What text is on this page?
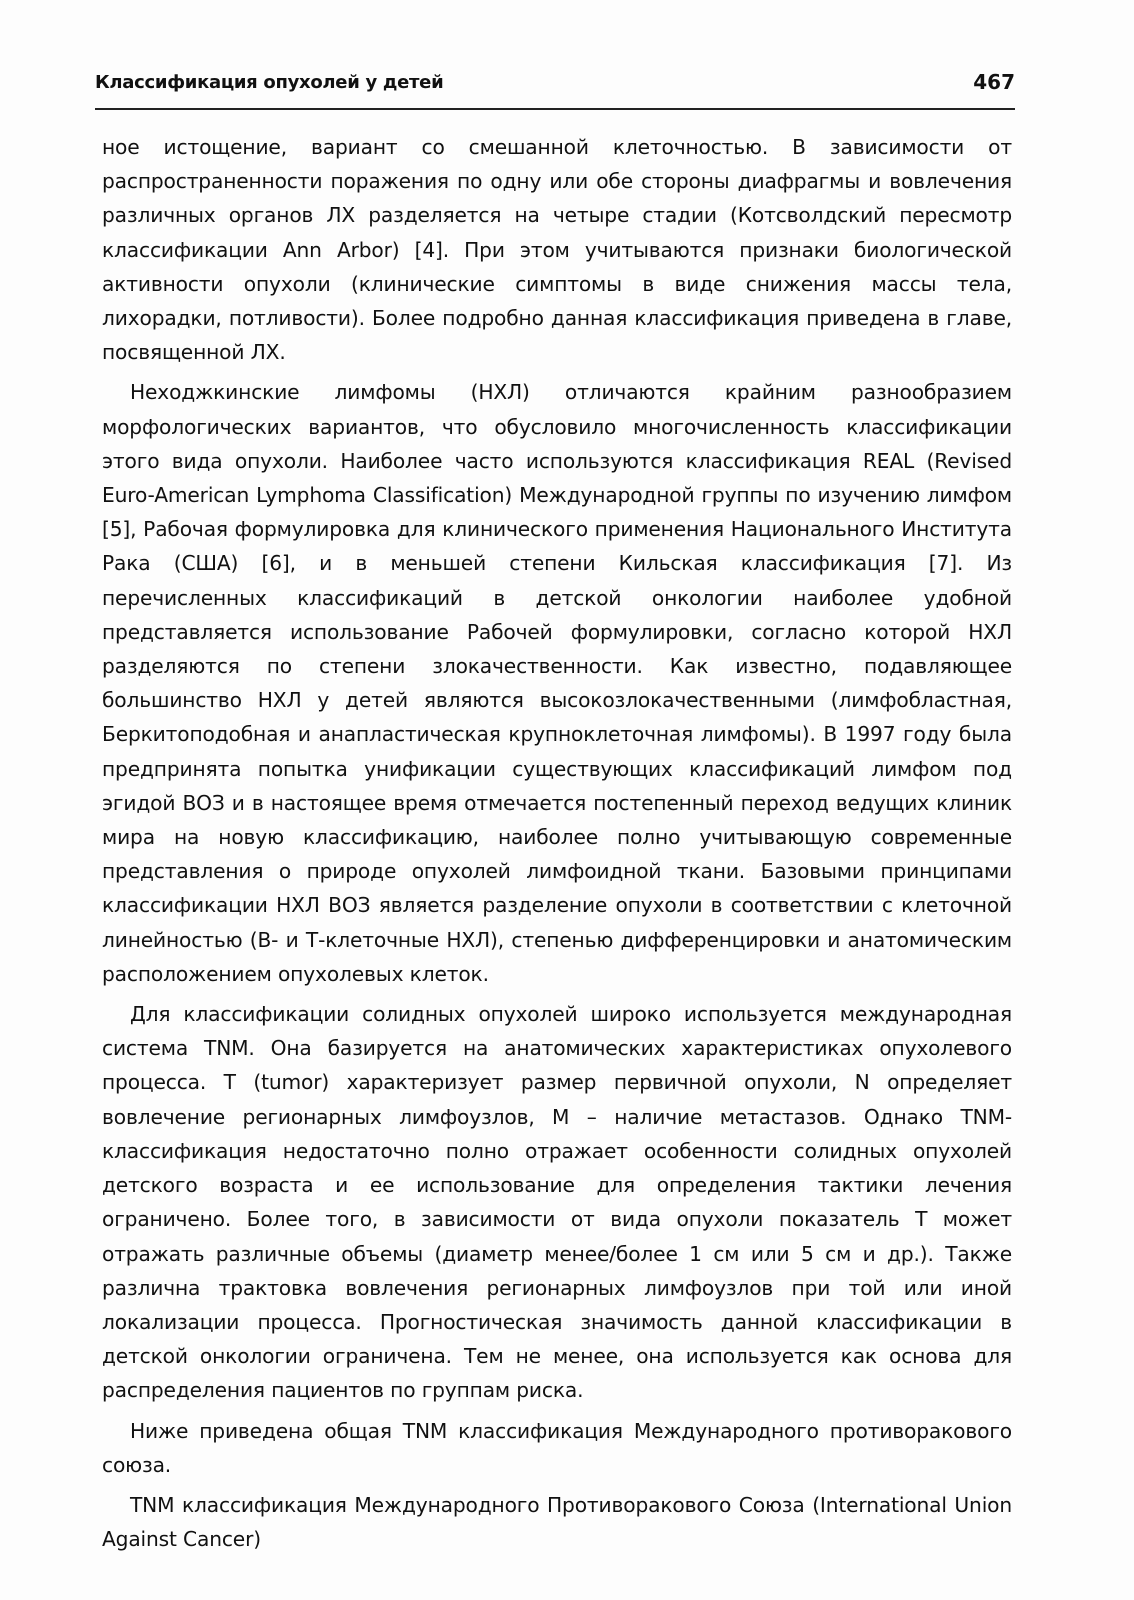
Классификация опухолей у детей	467

ное истощение, вариант со смешанной клеточностью. В зависимости от распространенности поражения по одну или обе стороны диафрагмы и вовлечения различных органов ЛХ разделяется на четыре стадии (Котсволдский пересмотр классификации Ann Arbor) [4]. При этом учитываются признаки биологической активности опухоли (клинические симптомы в виде снижения массы тела, лихорадки, потливости). Более подробно данная классификация приведена в главе, посвященной ЛХ.

Неходжкинские лимфомы (НХЛ) отличаются крайним разнообразием морфологических вариантов, что обусловило многочисленность классификации этого вида опухоли. Наиболее часто используются классификация REAL (Revised Euro-American Lymphoma Classification) Международной группы по изучению лимфом [5], Рабочая формулировка для клинического применения Национального Института Рака (США) [6], и в меньшей степени Кильская классификация [7]. Из перечисленных классификаций в детской онкологии наиболее удобной представляется использование Рабочей формулировки, согласно которой НХЛ разделяются по степени злокачественности. Как известно, подавляющее большинство НХЛ у детей являются высокозлокачественными (лимфобластная, Беркитоподобная и анапластическая крупноклеточная лимфомы). В 1997 году была предпринята попытка унификации существующих классификаций лимфом под эгидой ВОЗ и в настоящее время отмечается постепенный переход ведущих клиник мира на новую классификацию, наиболее полно учитывающую современные представления о природе опухолей лимфоидной ткани. Базовыми принципами классификации НХЛ ВОЗ является разделение опухоли в соответствии с клеточной линейностью (В- и Т-клеточные НХЛ), степенью дифференцировки и анатомическим расположением опухолевых клеток.

Для классификации солидных опухолей широко используется международная система TNM. Она базируется на анатомических характеристиках опухолевого процесса. Т (tumor) характеризует размер первичной опухоли, N определяет вовлечение регионарных лимфоузлов, М – наличие метастазов. Однако TNM-классификация недостаточно полно отражает особенности солидных опухолей детского возраста и ее использование для определения тактики лечения ограничено. Более того, в зависимости от вида опухоли показатель Т может отражать различные объемы (диаметр менее/более 1 см или 5 см и др.). Также различна трактовка вовлечения регионарных лимфоузлов при той или иной локализации процесса. Прогностическая значимость данной классификации в детской онкологии ограничена. Тем не менее, она используется как основа для распределения пациентов по группам риска.

Ниже приведена общая TNM классификация Международного противоракового союза.

TNM классификация Международного Противоракового Союза (International Union Against Cancer)
